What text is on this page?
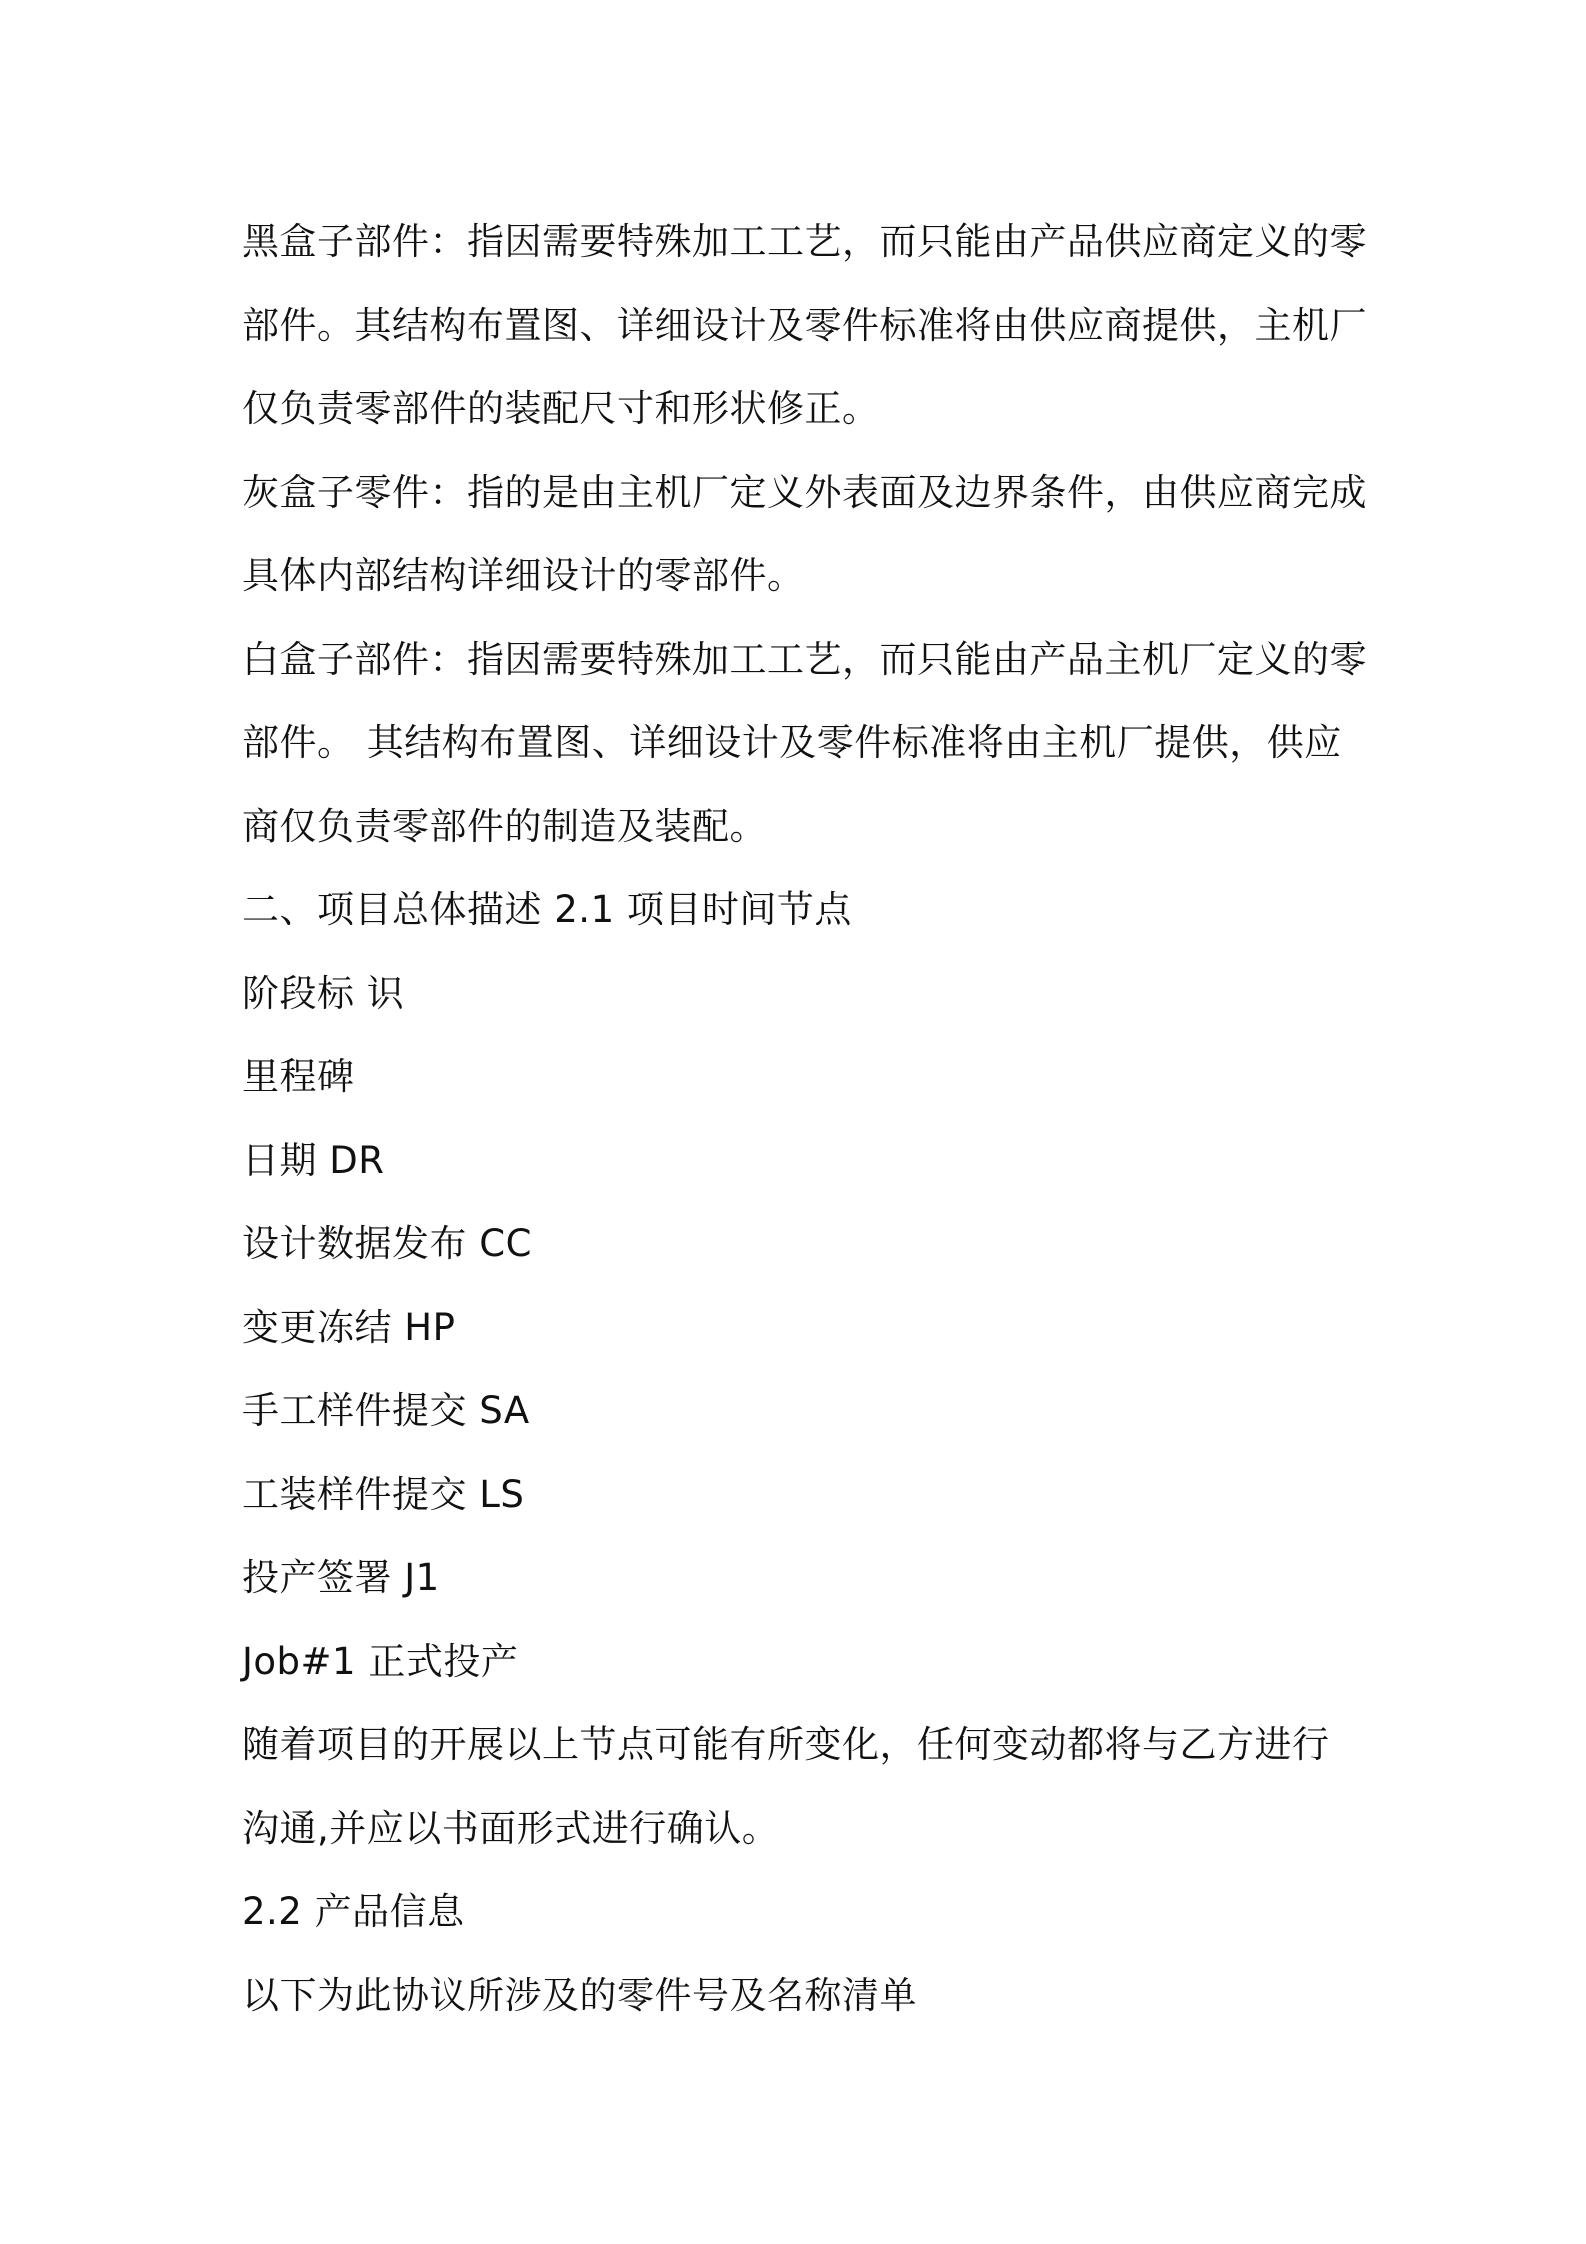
黑盒子部件：指因需要特殊加工工艺，而只能由产品供应商定义的零
部件。其结构布置图、详细设计及零件标准将由供应商提供，主机厂
仅负责零部件的装配尺寸和形状修正。
灰盒子零件：指的是由主机厂定义外表面及边界条件，由供应商完成
具体内部结构详细设计的零部件。
白盒子部件：指因需要特殊加工工艺，而只能由产品主机厂定义的零
部件。 其结构布置图、详细设计及零件标准将由主机厂提供，供应
商仅负责零部件的制造及装配。
二、项目总体描述 2.1 项目时间节点
阶段标 识
里程碑
日期 DR
设计数据发布 CC
变更冻结 HP
手工样件提交 SA
工装样件提交 LS
投产签署 J1
Job#1 正式投产
随着项目的开展以上节点可能有所变化，任何变动都将与乙方进行
沟通,并应以书面形式进行确认。
2.2 产品信息
以下为此协议所涉及的零件号及名称清单
